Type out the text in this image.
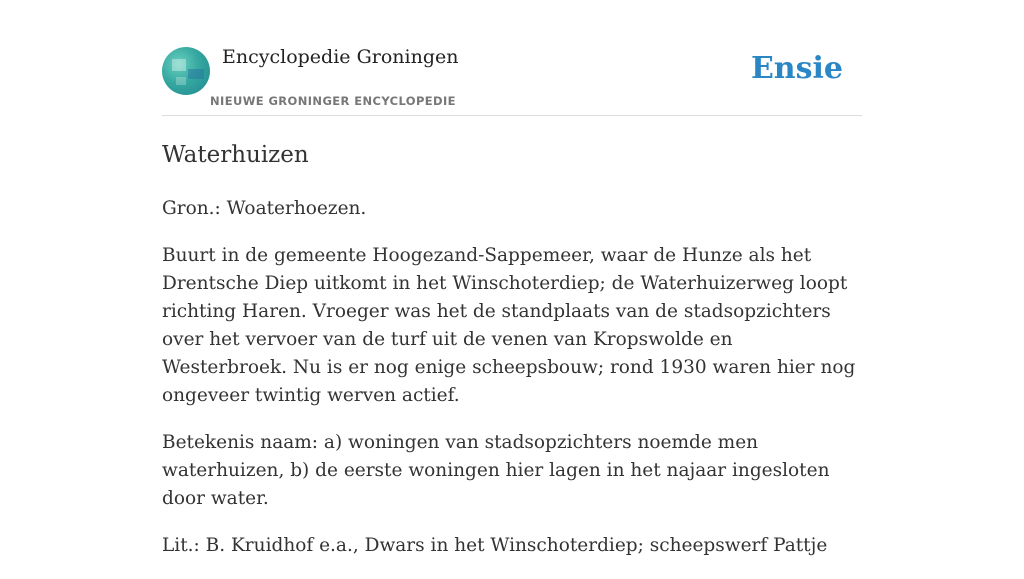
Encyclopedie Groningen
NIEUWE GRONINGER ENCYCLOPEDIE
Ensie
Waterhuizen

Gron.: Woaterhoezen.

Buurt in de gemeente Hoogezand-Sappemeer, waar de Hunze als het Drentsche Diep uitkomt in het Winschoterdiep; de Waterhuizerweg loopt richting Haren. Vroeger was het de standplaats van de stadsopzichters over het vervoer van de turf uit de venen van Kropswolde en Westerbroek. Nu is er nog enige scheepsbouw; rond 1930 waren hier nog ongeveer twintig werven actief.

Betekenis naam: a) woningen van stadsopzichters noemde men waterhuizen, b) de eerste woningen hier lagen in het najaar ingesloten door water.

Lit.: B. Kruidhof e.a., Dwars in het Winschoterdiep; scheepswerf Pattje
